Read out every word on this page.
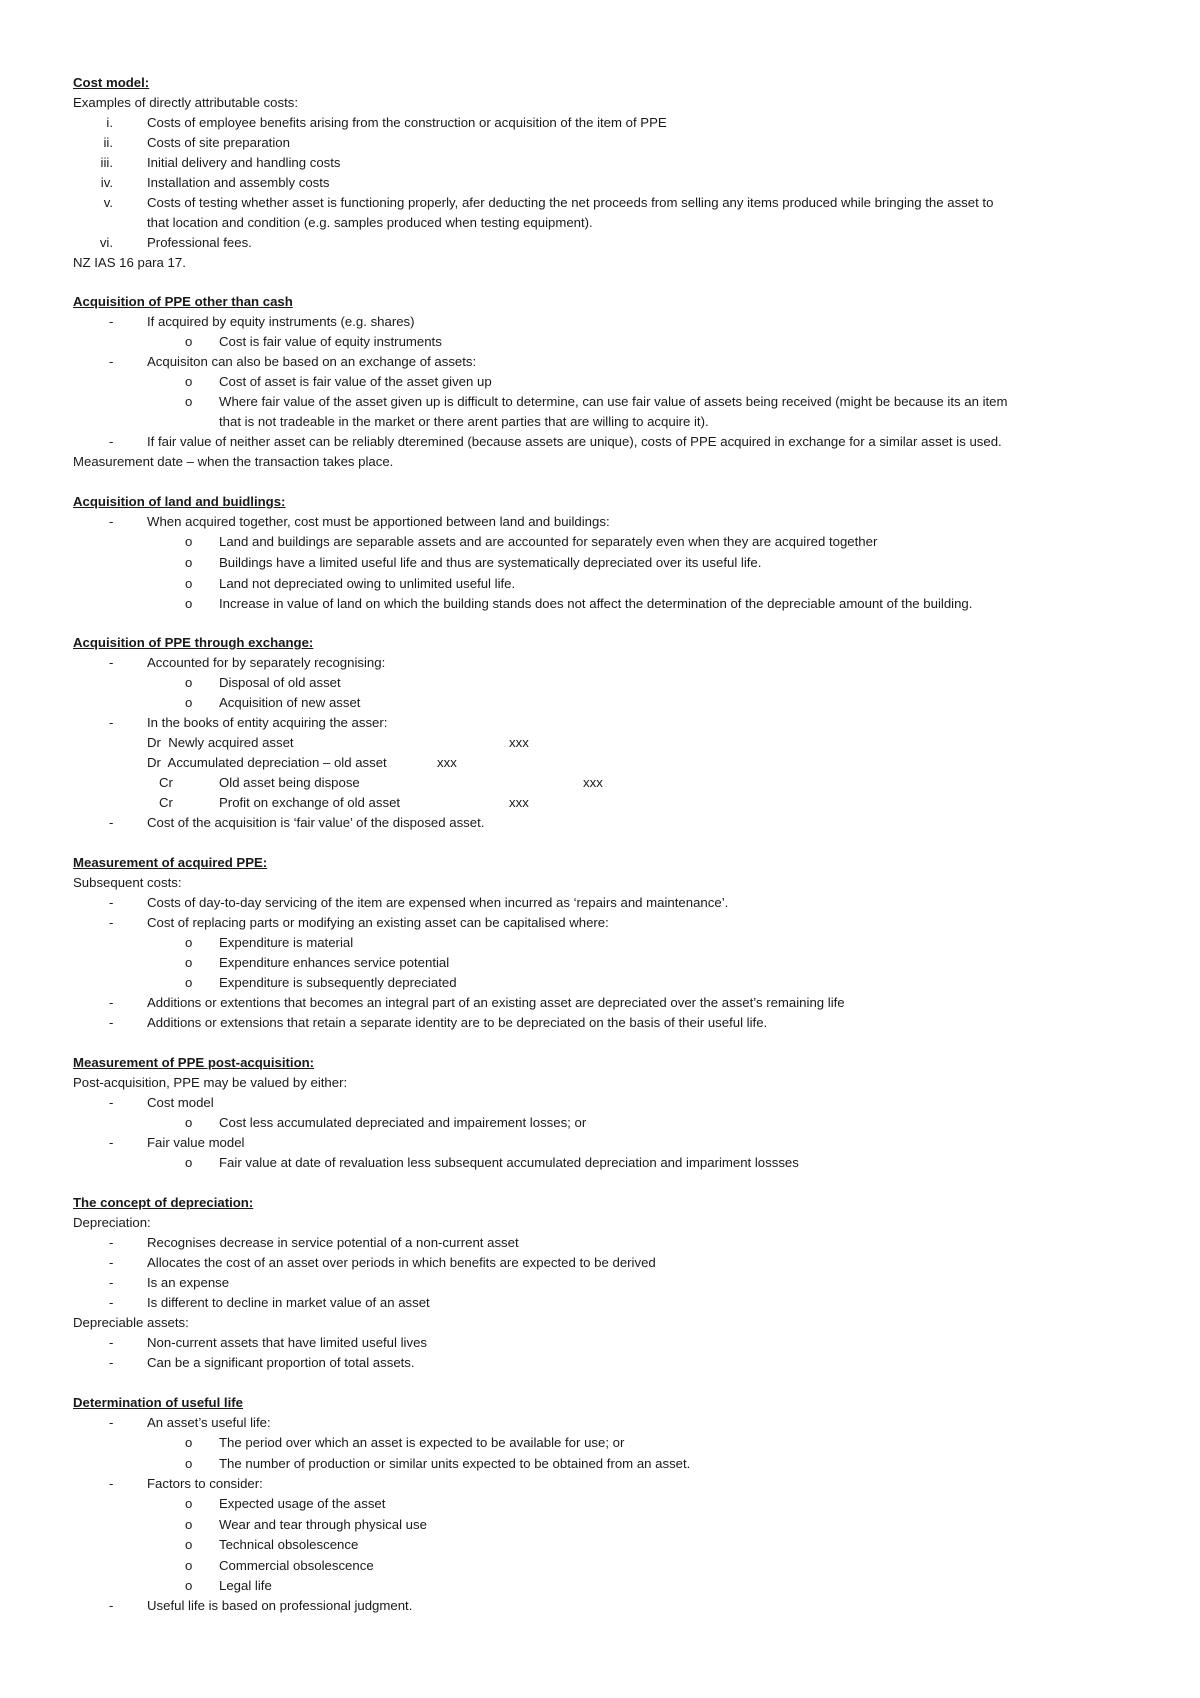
Cost model:
Examples of directly attributable costs:
i.	Costs of employee benefits arising from the construction or acquisition of the item of PPE
ii.	Costs of site preparation
iii.	Initial delivery and handling costs
iv.	Installation and assembly costs
v.	Costs of testing whether asset is functioning properly, afer deducting the net proceeds from selling any items produced while bringing the asset to
that location and condition (e.g. samples produced when testing equipment).
vi.	Professional fees.
NZ IAS 16 para 17.
Acquisition of PPE other than cash
-	If acquired by equity instruments (e.g. shares)
o Cost is fair value of equity instruments
-	Acquisiton can also be based on an exchange of assets:
o Cost of asset is fair value of the asset given up
o Where fair value of the asset given up is difficult to determine, can use fair value of assets being received (might be because its an item
that is not tradeable in the market or there arent parties that are willing to acquire it).
-	If fair value of neither asset can be reliably dteremined (because assets are unique), costs of PPE acquired in exchange for a similar asset is used.
Measurement date – when the transaction takes place.
Acquisition of land and buidlings:
-	When acquired together, cost must be apportioned between land and buildings:
o Land and buildings are separable assets and are accounted for separately even when they are acquired together
o Buildings have a limited useful life and thus are systematically depreciated over its useful life.
o Land not depreciated owing to unlimited useful life.
o Increase in value of land on which the building stands does not affect the determination of the depreciable amount of the building.
Acquisition of PPE through exchange:
-	Accounted for by separately recognising:
o Disposal of old asset
o Acquisition of new asset
-	In the books of entity acquiring the asser:
Dr Newly acquired asset	xxx
Dr Accumulated depreciation – old asset	xxx
Cr	Old asset being dispose	xxx
Cr	Profit on exchange of old asset	xxx
-	Cost of the acquisition is ‘fair value’ of the disposed asset.
Measurement of acquired PPE:
Subsequent costs:
-	Costs of day-to-day servicing of the item are expensed when incurred as ‘repairs and maintenance’.
-	Cost of replacing parts or modifying an existing asset can be capitalised where:
o Expenditure is material
o Expenditure enhances service potential
o Expenditure is subsequently depreciated
-	Additions or extentions that becomes an integral part of an existing asset are depreciated over the asset’s remaining life
-	Additions or extensions that retain a separate identity are to be depreciated on the basis of their useful life.
Measurement of PPE post-acquisition:
Post-acquisition, PPE may be valued by either:
-	Cost model
o Cost less accumulated depreciated and impairement losses; or
-	Fair value model
o Fair value at date of revaluation less subsequent accumulated depreciation and impariment lossses
The concept of depreciation:
Depreciation:
-	Recognises decrease in service potential of a non-current asset
-	Allocates the cost of an asset over periods in which benefits are expected to be derived
-	Is an expense
-	Is different to decline in market value of an asset
Depreciable assets:
-	Non-current assets that have limited useful lives
-	Can be a significant proportion of total assets.
Determination of useful life
-	An asset’s useful life:
o The period over which an asset is expected to be available for use; or
o The number of production or similar units expected to be obtained from an asset.
-	Factors to consider:
o Expected usage of the asset
o Wear and tear through physical use
o Technical obsolescence
o Commercial obsolescence
o Legal life
-	Useful life is based on professional judgment.
